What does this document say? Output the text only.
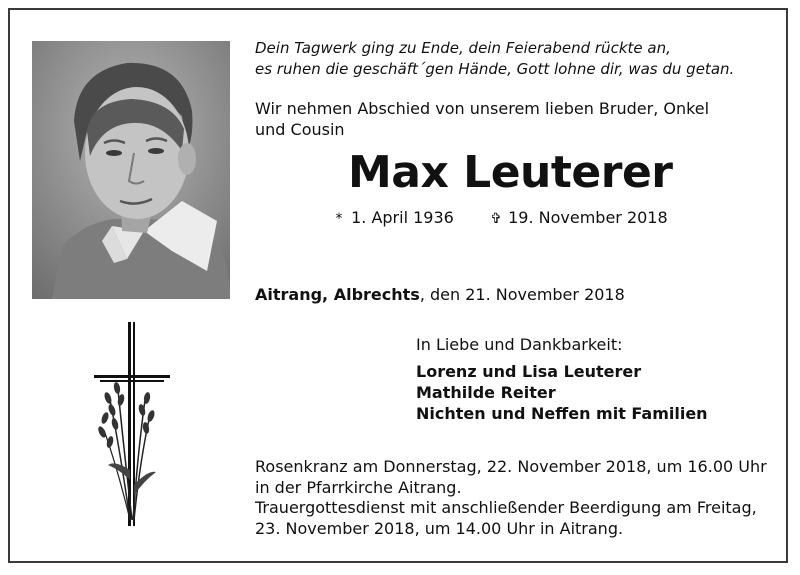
Dein Tagwerk ging zu Ende, dein Feierabend rückte an,
es ruhen die geschäft´gen Hände, Gott lohne dir, was du getan.
Wir nehmen Abschied von unserem lieben Bruder, Onkel
und Cousin
Max Leuterer
* 1. April 1936	✞ 19. November 2018
Aitrang, Albrechts, den 21. November 2018
In Liebe und Dankbarkeit:
Lorenz und Lisa Leuterer
Mathilde Reiter
Nichten und Neffen mit Familien
Rosenkranz am Donnerstag, 22. November 2018, um 16.00 Uhr
in der Pfarrkirche Aitrang.
Trauergottesdienst mit anschließender Beerdigung am Freitag,
23. November 2018, um 14.00 Uhr in Aitrang.
